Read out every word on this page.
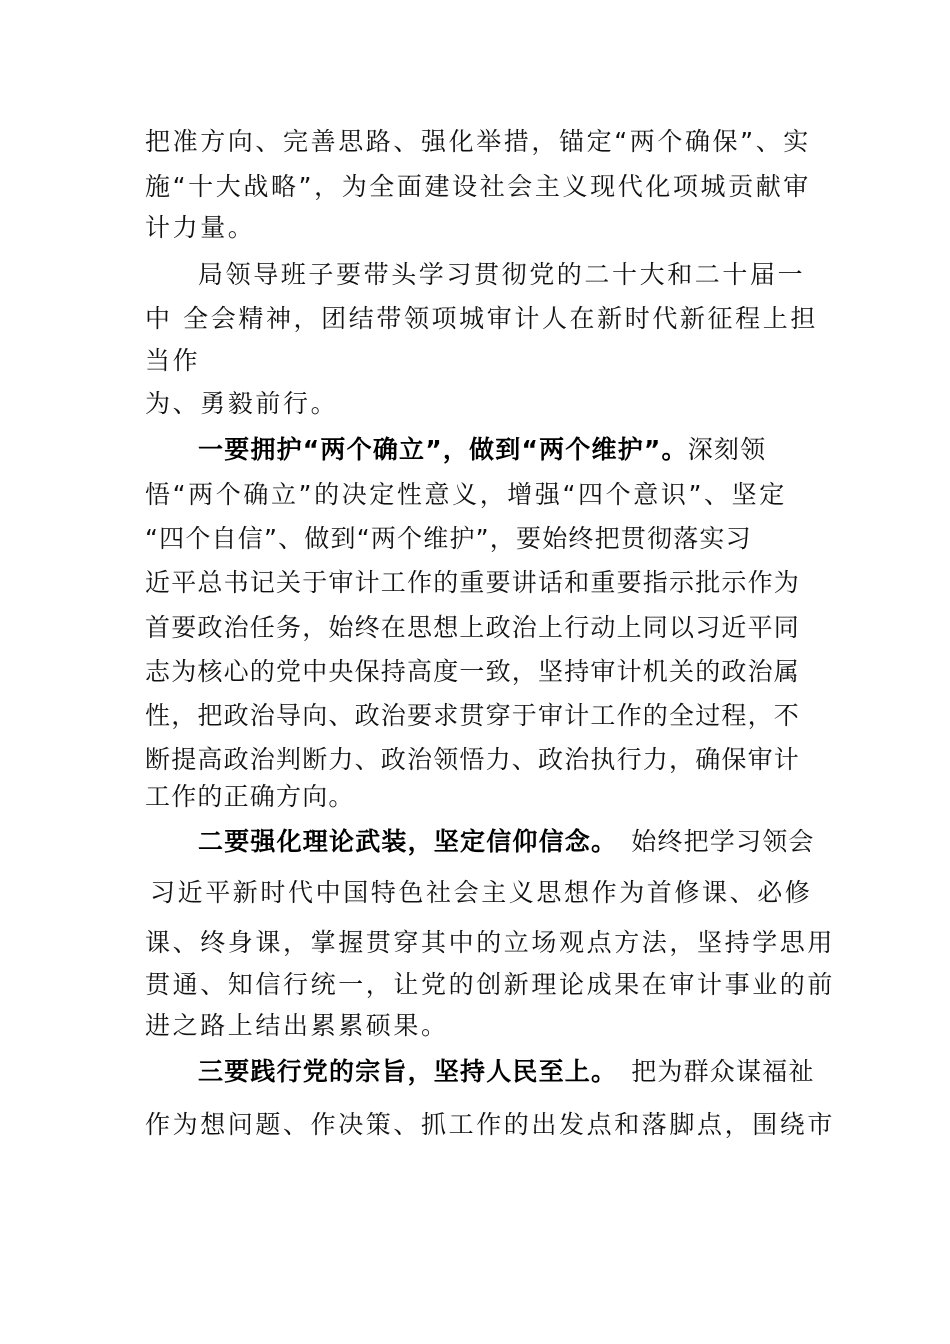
把准方向、完善思路、强化举措，锚定“两个确保”、实
施“十大战略”，为全面建设社会主义现代化项城贡献审
计力量。
局领导班子要带头学习贯彻党的二十大和二十届一
中 全会精神，团结带领项城审计人在新时代新征程上担
当作
为、勇毅前行。
一要拥护“两个确立”，做到“两个维护”。深刻领
悟“两个确立”的决定性意义，增强“四个意识”、坚定
“四个自信”、做到“两个维护”，要始终把贯彻落实习
近平总书记关于审计工作的重要讲话和重要指示批示作为
首要政治任务，始终在思想上政治上行动上同以习近平同
志为核心的党中央保持高度一致，坚持审计机关的政治属
性，把政治导向、政治要求贯穿于审计工作的全过程，不
断提高政治判断力、政治领悟力、政治执行力，确保审计
工作的正确方向。
二要强化理论武装，坚定信仰信念。 始终把学习领会
习近平新时代中国特色社会主义思想作为首修课、必修
课、终身课，掌握贯穿其中的立场观点方法，坚持学思用
贯通、知信行统一，让党的创新理论成果在审计事业的前
进之路上结出累累硕果。
三要践行党的宗旨，坚持人民至上。 把为群众谋福祉
作为想问题、作决策、抓工作的出发点和落脚点，围绕市
